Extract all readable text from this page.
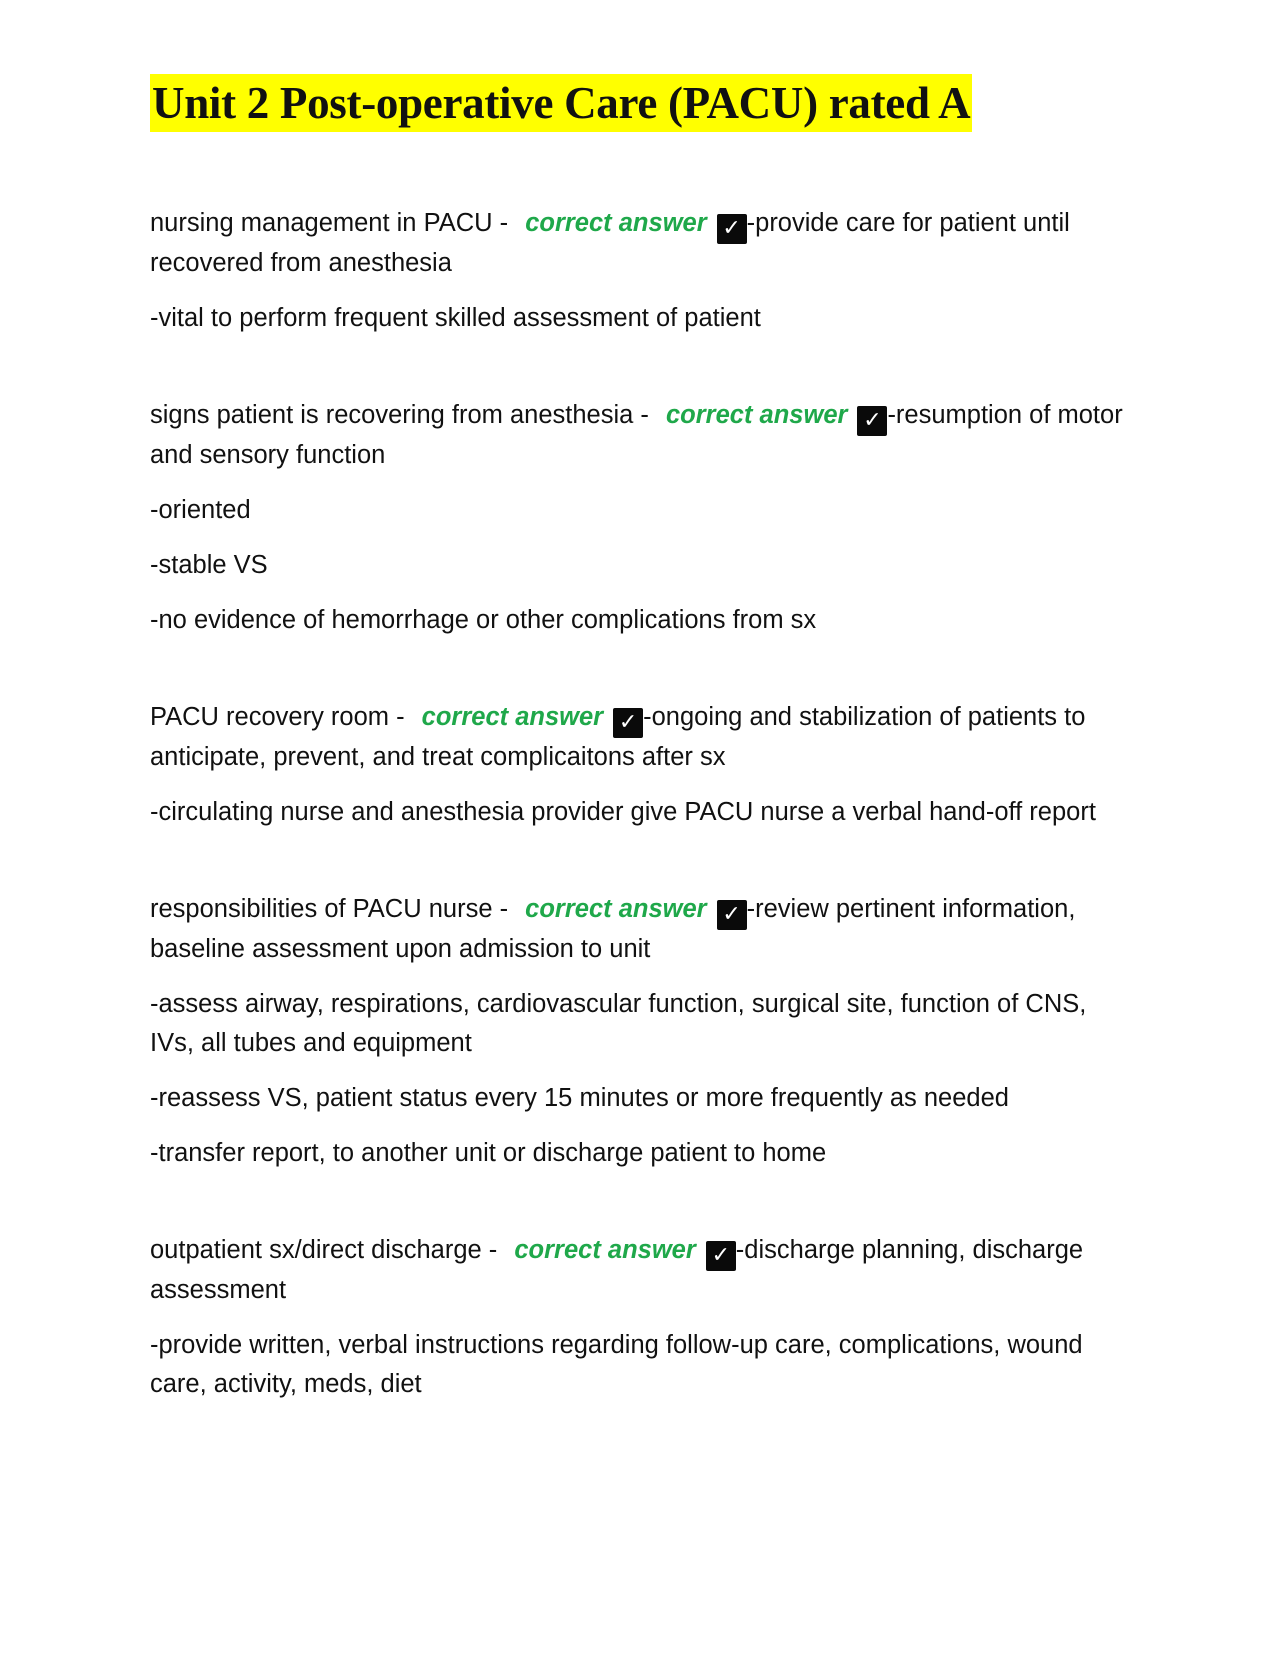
Unit 2 Post-operative Care (PACU) rated A

nursing management in PACU - correct answer ✓ -provide care for patient until recovered from anesthesia

-vital to perform frequent skilled assessment of patient

signs patient is recovering from anesthesia - correct answer ✓ -resumption of motor and sensory function

-oriented

-stable VS

-no evidence of hemorrhage or other complications from sx

PACU recovery room - correct answer ✓ -ongoing and stabilization of patients to anticipate, prevent, and treat complicaitons after sx

-circulating nurse and anesthesia provider give PACU nurse a verbal hand-off report

responsibilities of PACU nurse - correct answer ✓ -review pertinent information, baseline assessment upon admission to unit

-assess airway, respirations, cardiovascular function, surgical site, function of CNS, IVs, all tubes and equipment

-reassess VS, patient status every 15 minutes or more frequently as needed

-transfer report, to another unit or discharge patient to home

outpatient sx/direct discharge - correct answer ✓ -discharge planning, discharge assessment

-provide written, verbal instructions regarding follow-up care, complications, wound care, activity, meds, diet
